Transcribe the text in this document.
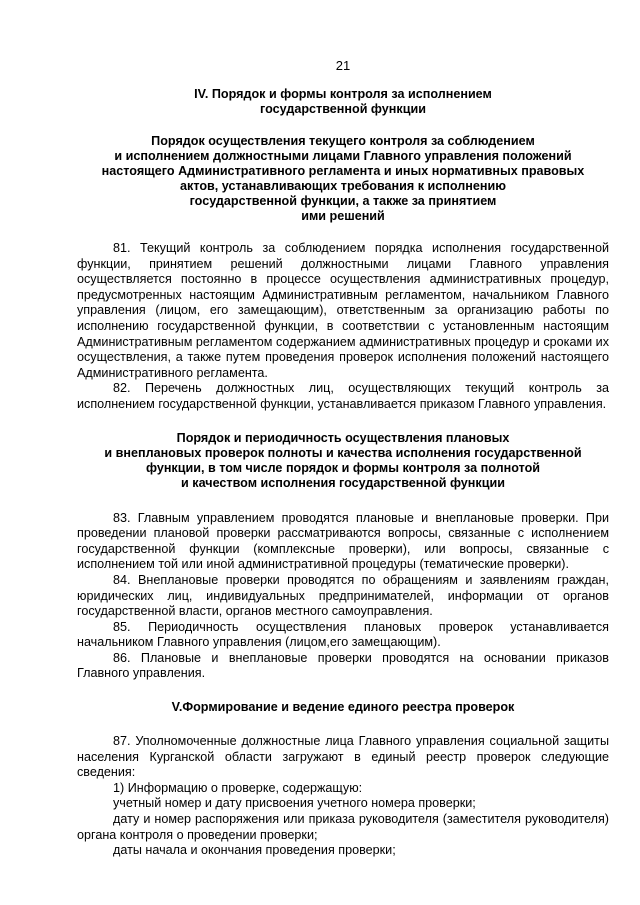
21
IV. Порядок и формы контроля за исполнением
государственной функции
Порядок осуществления текущего контроля за соблюдением
и исполнением должностными лицами Главного управления положений
настоящего Административного регламента и иных нормативных правовых
актов, устанавливающих требования к исполнению
государственной функции, а также за принятием
ими решений

81. Текущий контроль за соблюдением порядка исполнения государственной функции, принятием решений должностными лицами Главного управления осуществляется постоянно в процессе осуществления административных процедур, предусмотренных настоящим Административным регламентом, начальником Главного управления (лицом, его замещающим), ответственным за организацию работы по исполнению государственной функции, в соответствии с установленным настоящим Административным регламентом содержанием административных процедур и сроками их осуществления, а также путем проведения проверок исполнения положений настоящего Административного регламента.

82. Перечень должностных лиц, осуществляющих текущий контроль за исполнением государственной функции, устанавливается приказом Главного управления.

Порядок и периодичность осуществления плановых
и внеплановых проверок полноты и качества исполнения государственной
функции, в том числе порядок и формы контроля за полнотой
и качеством исполнения государственной функции

83. Главным управлением проводятся плановые и внеплановые проверки. При проведении плановой проверки рассматриваются вопросы, связанные с исполнением государственной функции (комплексные проверки), или вопросы, связанные с исполнением той или иной административной процедуры (тематические проверки).

84. Внеплановые проверки проводятся по обращениям и заявлениям граждан, юридических лиц, индивидуальных предпринимателей, информации от органов государственной власти, органов местного самоуправления.

85. Периодичность осуществления плановых проверок устанавливается начальником Главного управления (лицом,его замещающим).

86. Плановые и внеплановые проверки проводятся на основании приказов Главного управления.

V.Формирование и ведение единого реестра проверок

87. Уполномоченные должностные лица Главного управления социальной защиты населения Курганской области загружают в единый реестр проверок следующие сведения:

1) Информацию о проверке, содержащую:

учетный номер и дату присвоения учетного номера проверки;

дату и номер распоряжения или приказа руководителя (заместителя руководителя) органа контроля о проведении проверки;

даты начала и окончания проведения проверки;
